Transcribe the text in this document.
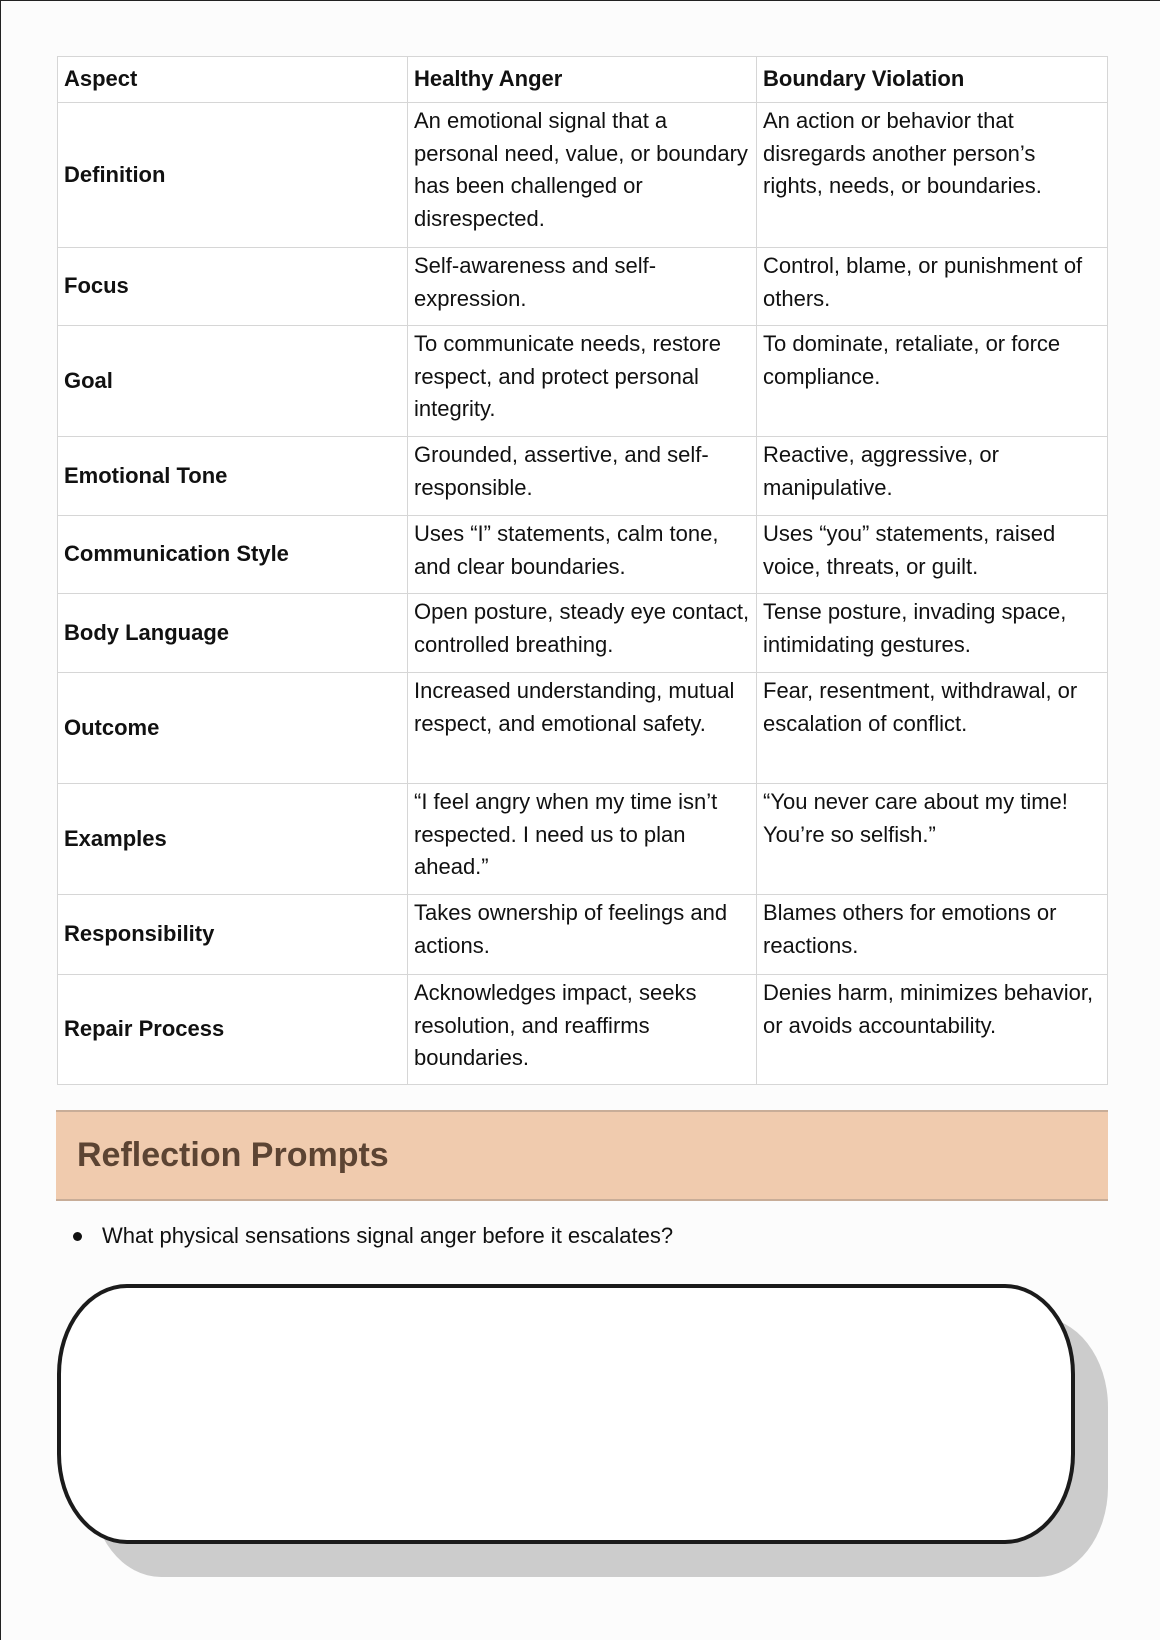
Aspect	Healthy Anger	Boundary Violation
Definition	An emotional signal that a personal need, value, or boundary has been challenged or disrespected.	An action or behavior that disregards another person’s rights, needs, or boundaries.
Focus	Self-awareness and self-expression.	Control, blame, or punishment of others.
Goal	To communicate needs, restore respect, and protect personal integrity.	To dominate, retaliate, or force compliance.
Emotional Tone	Grounded, assertive, and self-responsible.	Reactive, aggressive, or manipulative.
Communication Style	Uses “I” statements, calm tone, and clear boundaries.	Uses “you” statements, raised voice, threats, or guilt.
Body Language	Open posture, steady eye contact, controlled breathing.	Tense posture, invading space, intimidating gestures.
Outcome	Increased understanding, mutual respect, and emotional safety.	Fear, resentment, withdrawal, or escalation of conflict.
Examples	“I feel angry when my time isn’t respected. I need us to plan ahead.”	“You never care about my time! You’re so selfish.”
Responsibility	Takes ownership of feelings and actions.	Blames others for emotions or reactions.
Repair Process	Acknowledges impact, seeks resolution, and reaffirms boundaries.	Denies harm, minimizes behavior, or avoids accountability.
Reflection Prompts
What physical sensations signal anger before it escalates?
